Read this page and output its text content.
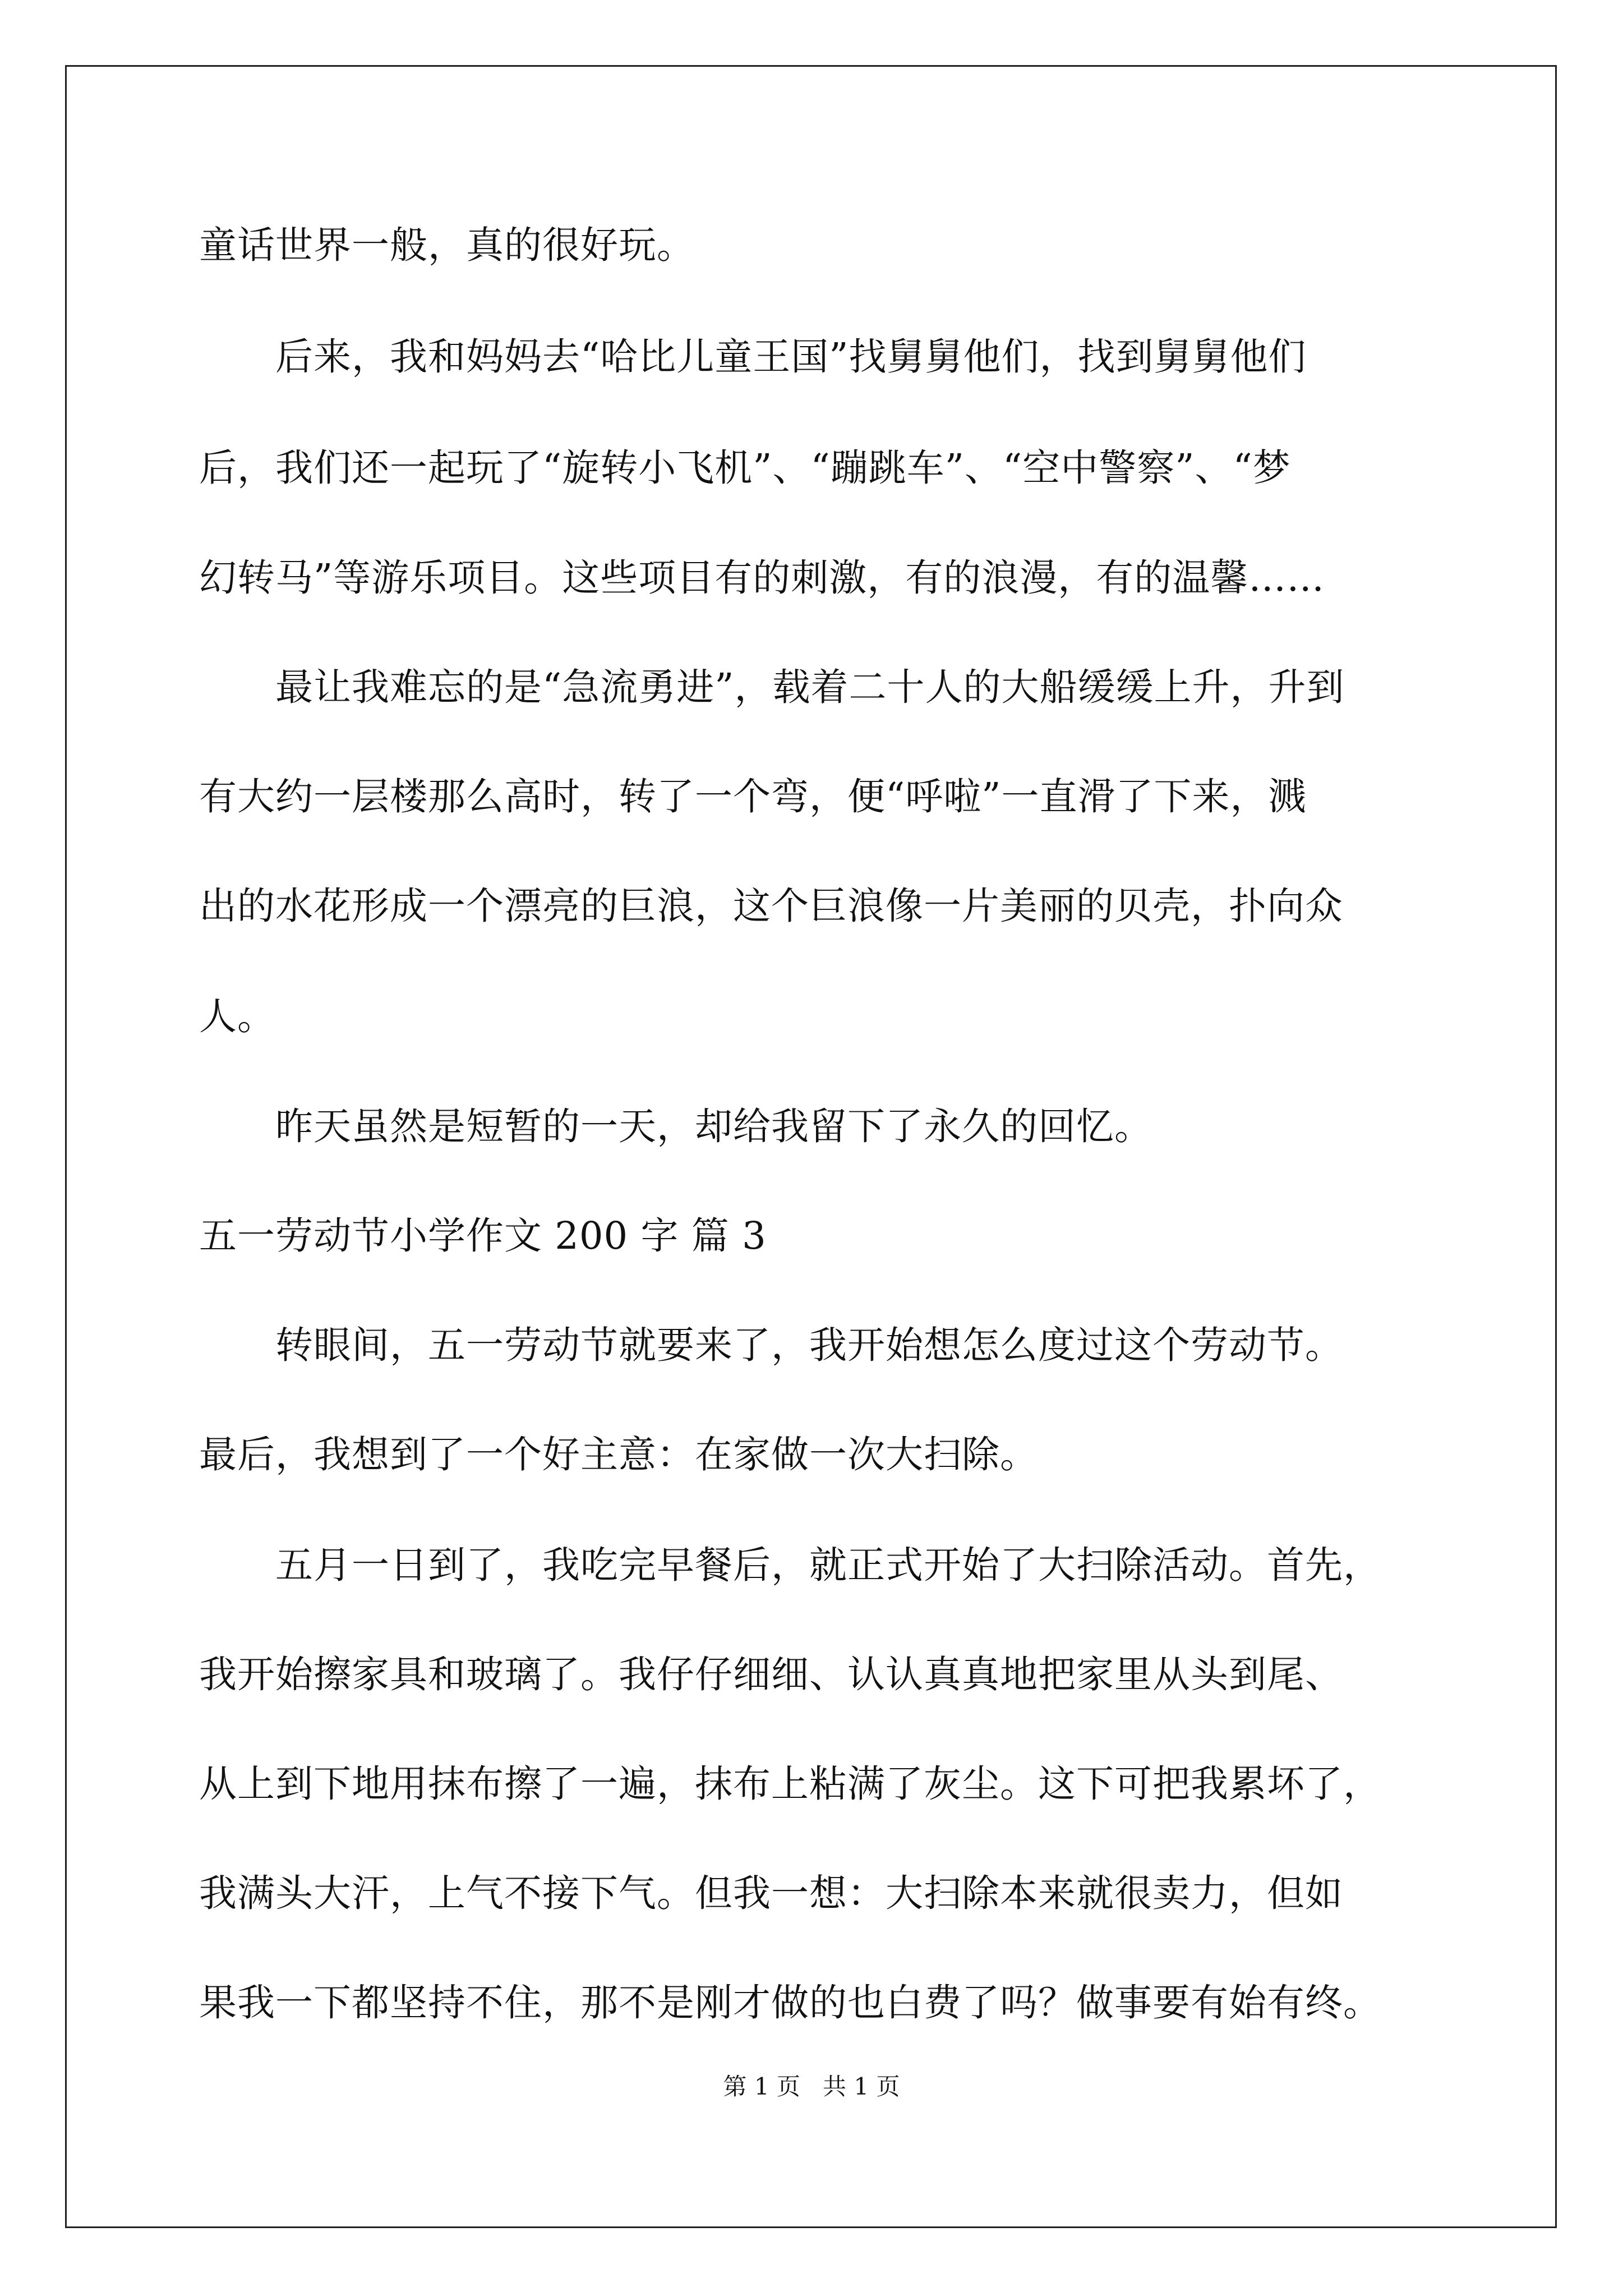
童话世界一般，真的很好玩。
　　后来，我和妈妈去“哈比儿童王国”找舅舅他们，找到舅舅他们
后，我们还一起玩了“旋转小飞机”、“蹦跳车”、“空中警察”、“梦
幻转马”等游乐项目。这些项目有的刺激，有的浪漫，有的温馨……
　　最让我难忘的是“急流勇进”，载着二十人的大船缓缓上升，升到
有大约一层楼那么高时，转了一个弯，便“呼啦”一直滑了下来，溅
出的水花形成一个漂亮的巨浪，这个巨浪像一片美丽的贝壳，扑向众
人。
　　昨天虽然是短暂的一天，却给我留下了永久的回忆。
五一劳动节小学作文 200 字 篇 3
　　转眼间，五一劳动节就要来了，我开始想怎么度过这个劳动节。
最后，我想到了一个好主意：在家做一次大扫除。
　　五月一日到了，我吃完早餐后，就正式开始了大扫除活动。首先，
我开始擦家具和玻璃了。我仔仔细细、认认真真地把家里从头到尾、
从上到下地用抹布擦了一遍，抹布上粘满了灰尘。这下可把我累坏了，
我满头大汗，上气不接下气。但我一想：大扫除本来就很卖力，但如
果我一下都坚持不住，那不是刚才做的也白费了吗？做事要有始有终。
第 1 页   共 1 页
